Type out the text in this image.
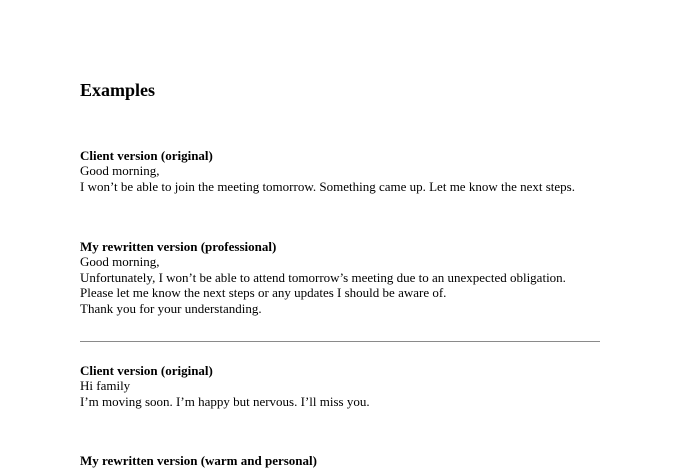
Examples
Client version (original)
Good morning,
I won’t be able to join the meeting tomorrow. Something came up. Let me know the next steps.
My rewritten version (professional)
Good morning,
Unfortunately, I won’t be able to attend tomorrow’s meeting due to an unexpected obligation.
Please let me know the next steps or any updates I should be aware of.
Thank you for your understanding.
Client version (original)
Hi family
I’m moving soon. I’m happy but nervous. I’ll miss you.
My rewritten version (warm and personal)
